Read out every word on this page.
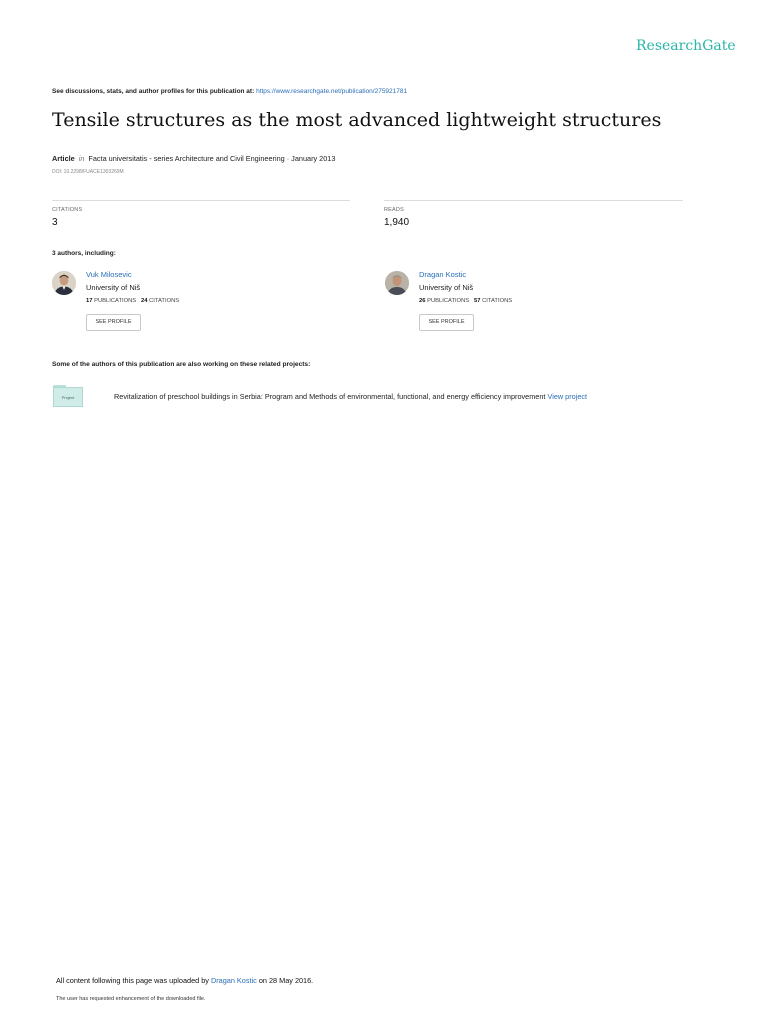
ResearchGate
See discussions, stats, and author profiles for this publication at: https://www.researchgate.net/publication/275921781
Tensile structures as the most advanced lightweight structures
Article in Facta universitatis - series Architecture and Civil Engineering · January 2013
DOI: 10.2298/FUACE1303269M
CITATIONS
3
READS
1,940
3 authors, including:
Vuk Milosevic
University of Niš
17 PUBLICATIONS 24 CITATIONS
SEE PROFILE
Dragan Kostic
University of Niš
26 PUBLICATIONS 57 CITATIONS
SEE PROFILE
Some of the authors of this publication are also working on these related projects:
Project	Revitalization of preschool buildings in Serbia: Program and Methods of environmental, functional, and energy efficiency improvement View project
All content following this page was uploaded by Dragan Kostic on 28 May 2016.
The user has requested enhancement of the downloaded file.
